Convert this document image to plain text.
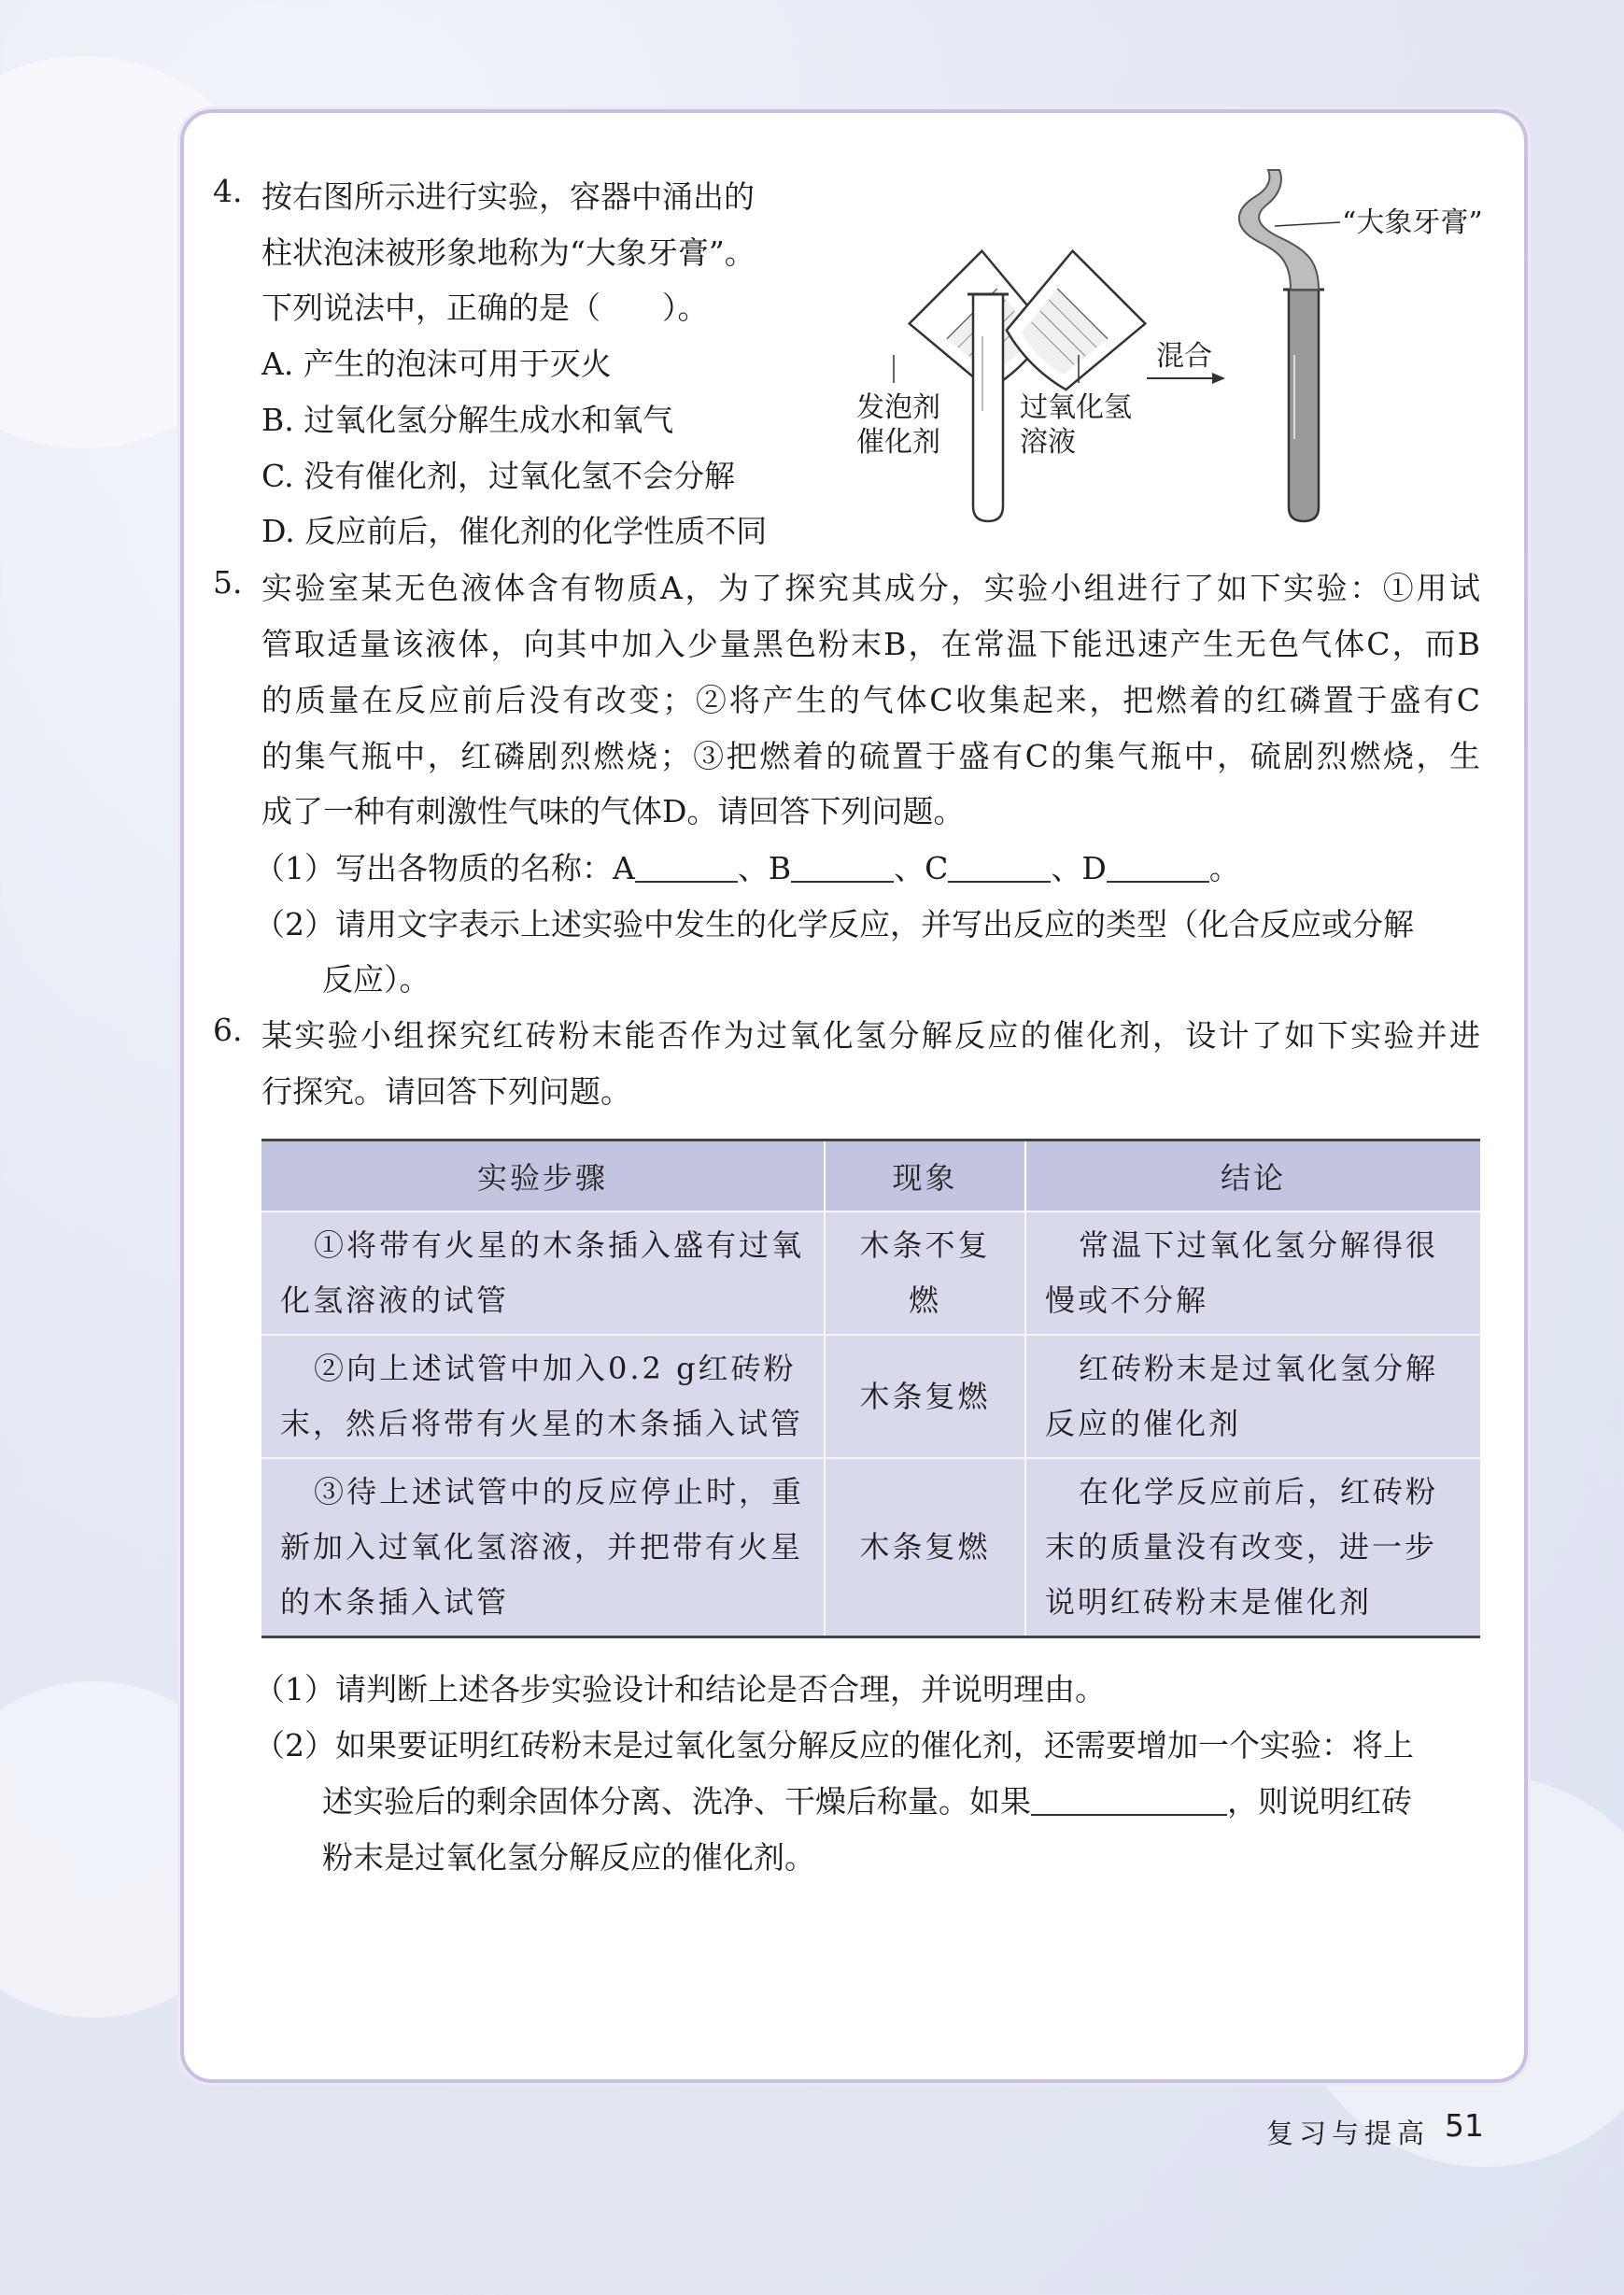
4. 按右图所示进行实验，容器中涌出的
柱状泡沫被形象地称为“大象牙膏”。
下列说法中，正确的是（　　）。
A. 产生的泡沫可用于灭火
B. 过氧化氢分解生成水和氧气
C. 没有催化剂，过氧化氢不会分解
D. 反应前后，催化剂的化学性质不同
“大象牙膏”
发泡剂
催化剂
过氧化氢
溶液
混合
5. 实验室某无色液体含有物质A，为了探究其成分，实验小组进行了如下实验：①用试
管取适量该液体，向其中加入少量黑色粉末B，在常温下能迅速产生无色气体C，而B
的质量在反应前后没有改变；②将产生的气体C收集起来，把燃着的红磷置于盛有C
的集气瓶中，红磷剧烈燃烧；③把燃着的硫置于盛有C的集气瓶中，硫剧烈燃烧，生
成了一种有刺激性气味的气体D。请回答下列问题。
（1）写出各物质的名称：A	、B	、C	、D	。
（2）请用文字表示上述实验中发生的化学反应，并写出反应的类型（化合反应或分解
反应）。
6. 某实验小组探究红砖粉末能否作为过氧化氢分解反应的催化剂，设计了如下实验并进
行探究。请回答下列问题。
实验步骤	现象	结论
①将带有火星的木条插入盛有过氧化氢溶液的试管	木条不复燃	常温下过氧化氢分解得很慢或不分解
②向上述试管中加入0.2 g红砖粉末，然后将带有火星的木条插入试管	木条复燃	红砖粉末是过氧化氢分解反应的催化剂
③待上述试管中的反应停止时，重新加入过氧化氢溶液，并把带有火星的木条插入试管	木条复燃	在化学反应前后，红砖粉末的质量没有改变，进一步说明红砖粉末是催化剂
（1）请判断上述各步实验设计和结论是否合理，并说明理由。
（2）如果要证明红砖粉末是过氧化氢分解反应的催化剂，还需要增加一个实验：将上
述实验后的剩余固体分离、洗净、干燥后称量。如果	，则说明红砖
粉末是过氧化氢分解反应的催化剂。
复习与提高 51
